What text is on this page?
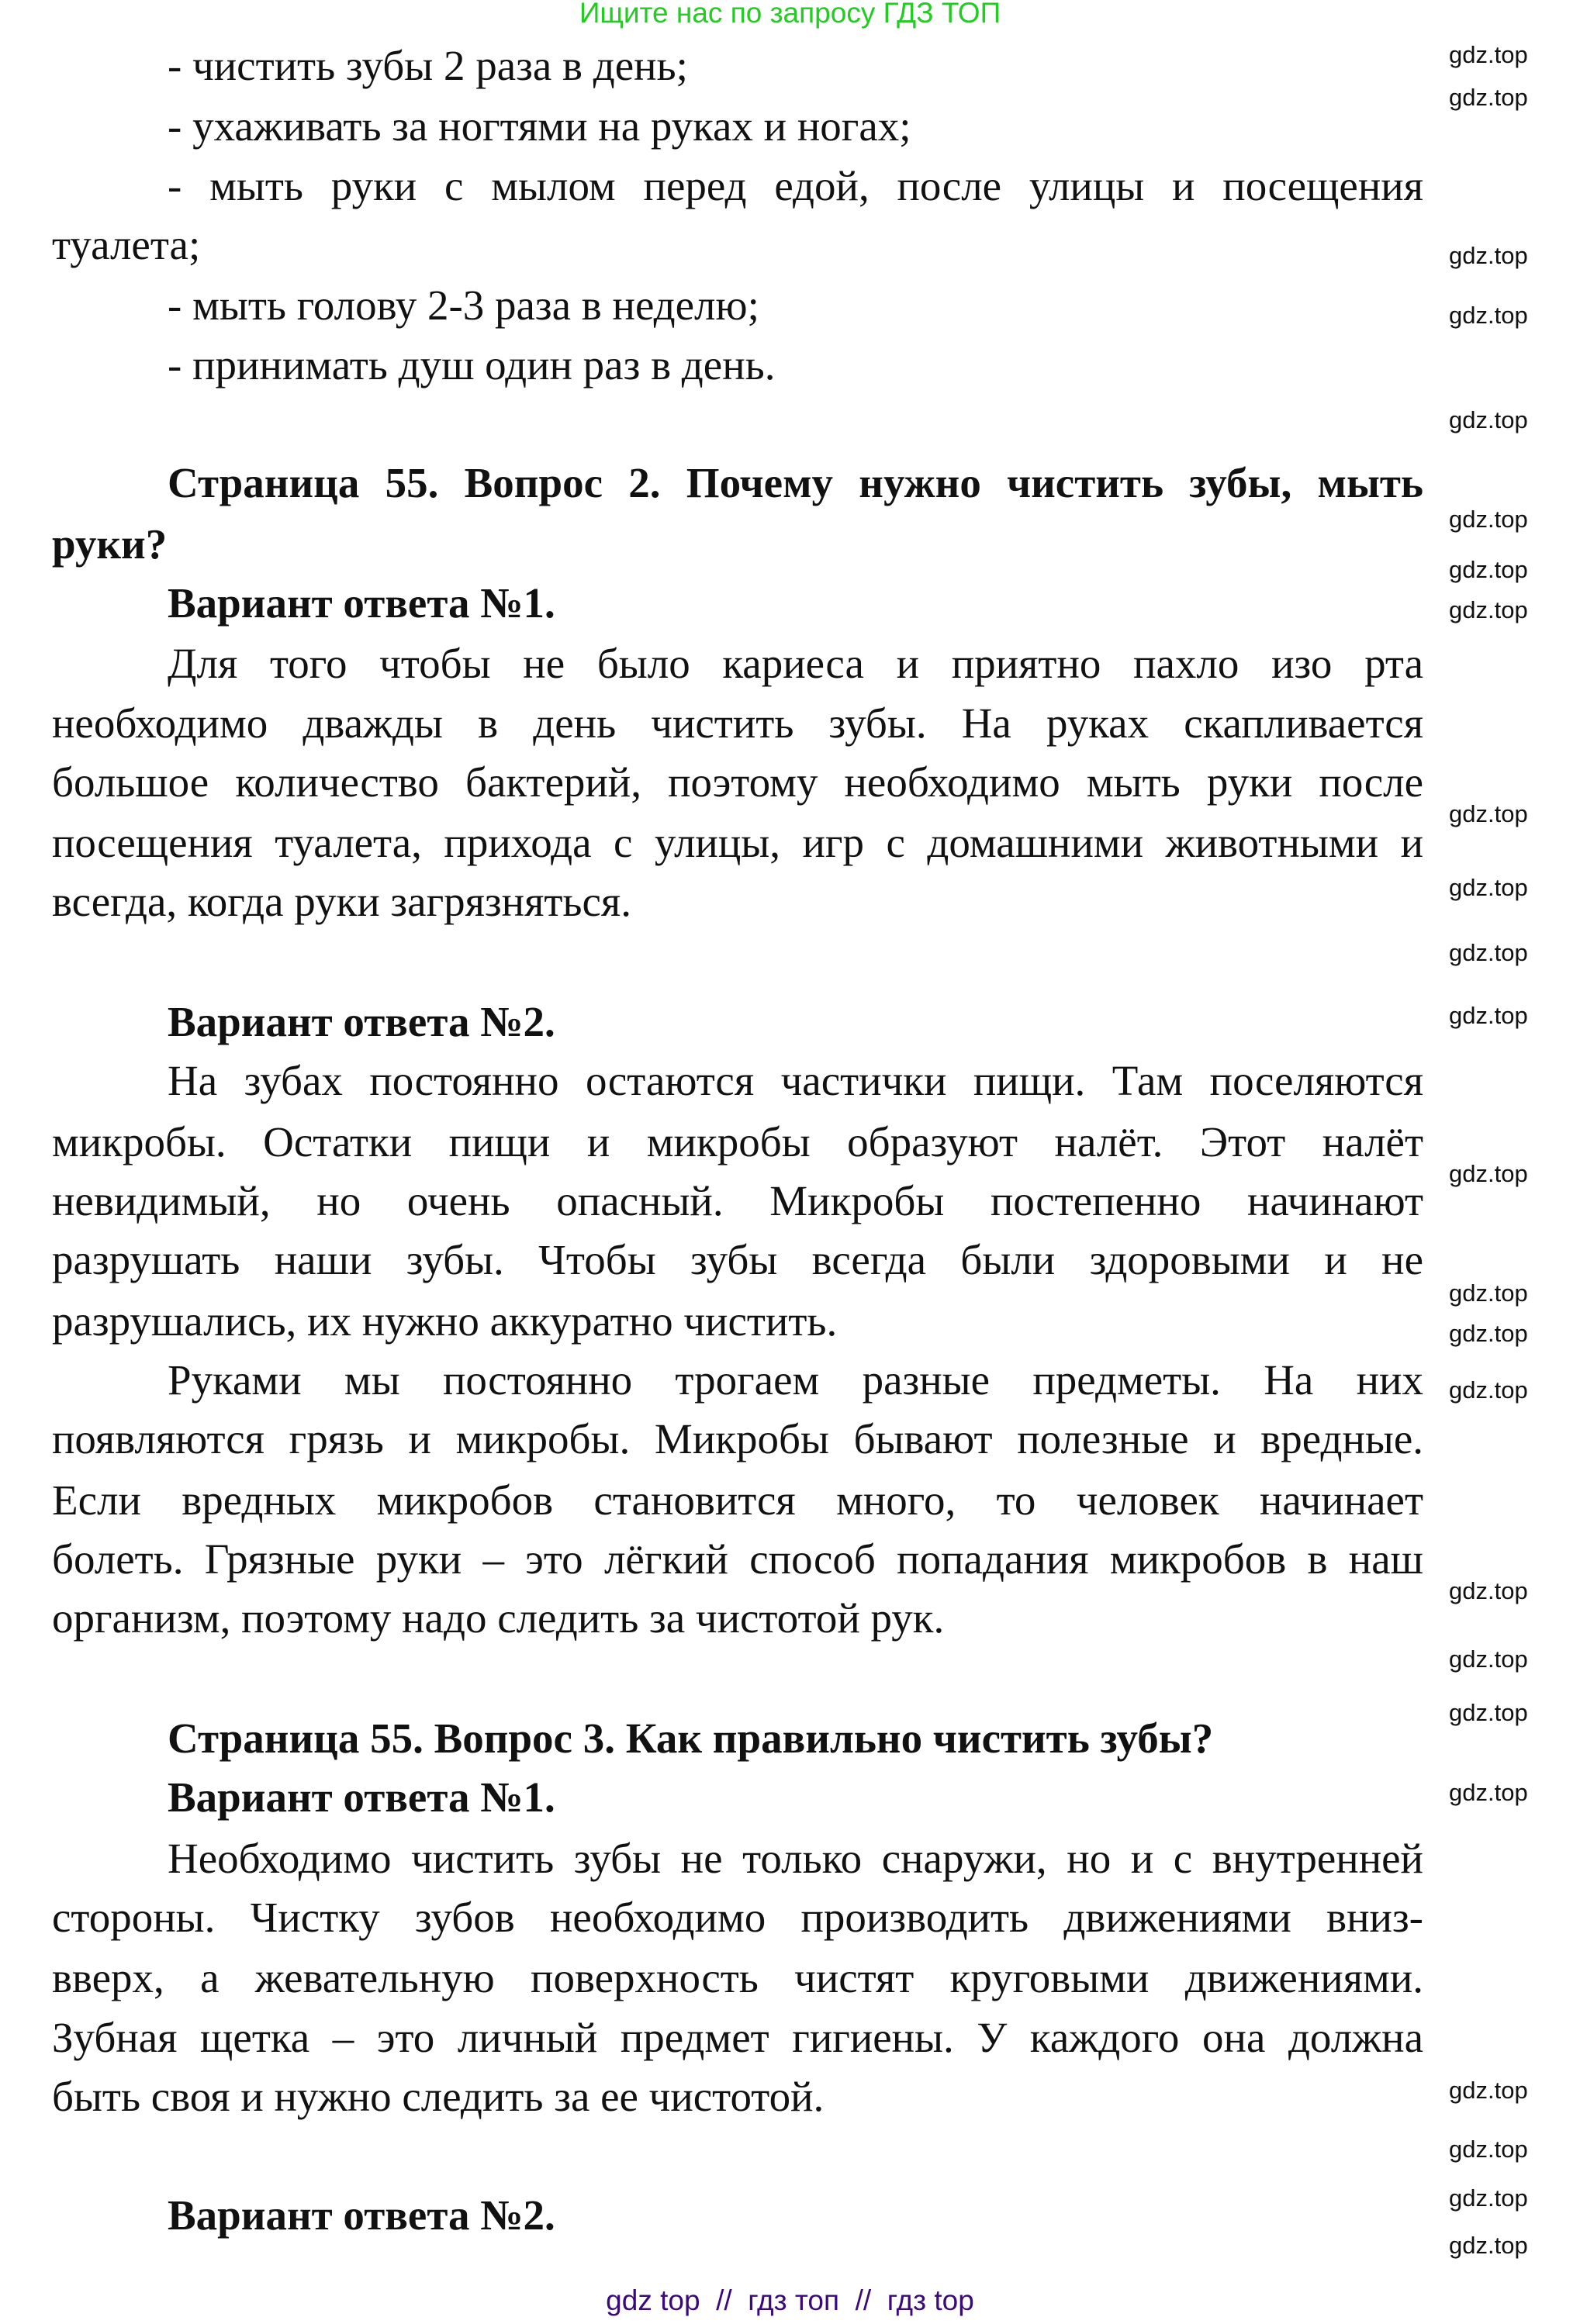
Ищите нас по запросу ГДЗ ТОП
- чистить зубы 2 раза в день;
- ухаживать за ногтями на руках и ногах;
- мыть руки с мылом перед едой, после улицы и посещения
туалета;
- мыть голову 2-3 раза в неделю;
- принимать душ один раз в день.
Страница 55. Вопрос 2. Почему нужно чистить зубы, мыть
руки?
Вариант ответа №1.
Для того чтобы не было кариеса и приятно пахло изо рта
необходимо дважды в день чистить зубы. На руках скапливается
большое количество бактерий, поэтому необходимо мыть руки после
посещения туалета, прихода с улицы, игр с домашними животными и
всегда, когда руки загрязняться.
Вариант ответа №2.
На зубах постоянно остаются частички пищи. Там поселяются
микробы. Остатки пищи и микробы образуют налёт. Этот налёт
невидимый, но очень опасный. Микробы постепенно начинают
разрушать наши зубы. Чтобы зубы всегда были здоровыми и не
разрушались, их нужно аккуратно чистить.
Руками мы постоянно трогаем разные предметы. На них
появляются грязь и микробы. Микробы бывают полезные и вредные.
Если вредных микробов становится много, то человек начинает
болеть. Грязные руки – это лёгкий способ попадания микробов в наш
организм, поэтому надо следить за чистотой рук.
Страница 55. Вопрос 3. Как правильно чистить зубы?
Вариант ответа №1.
Необходимо чистить зубы не только снаружи, но и с внутренней
стороны. Чистку зубов необходимо производить движениями вниз-
вверх, а жевательную поверхность чистят круговыми движениями.
Зубная щетка – это личный предмет гигиены. У каждого она должна
быть своя и нужно следить за ее чистотой.
Вариант ответа №2.
gdz.top
gdz.top
gdz.top
gdz.top
gdz.top
gdz.top
gdz.top
gdz.top
gdz.top
gdz.top
gdz.top
gdz.top
gdz.top
gdz.top
gdz.top
gdz.top
gdz.top
gdz.top
gdz.top
gdz.top
gdz.top
gdz.top
gdz.top
gdz.top
gdz top  //  гдз топ  //  гдз top
